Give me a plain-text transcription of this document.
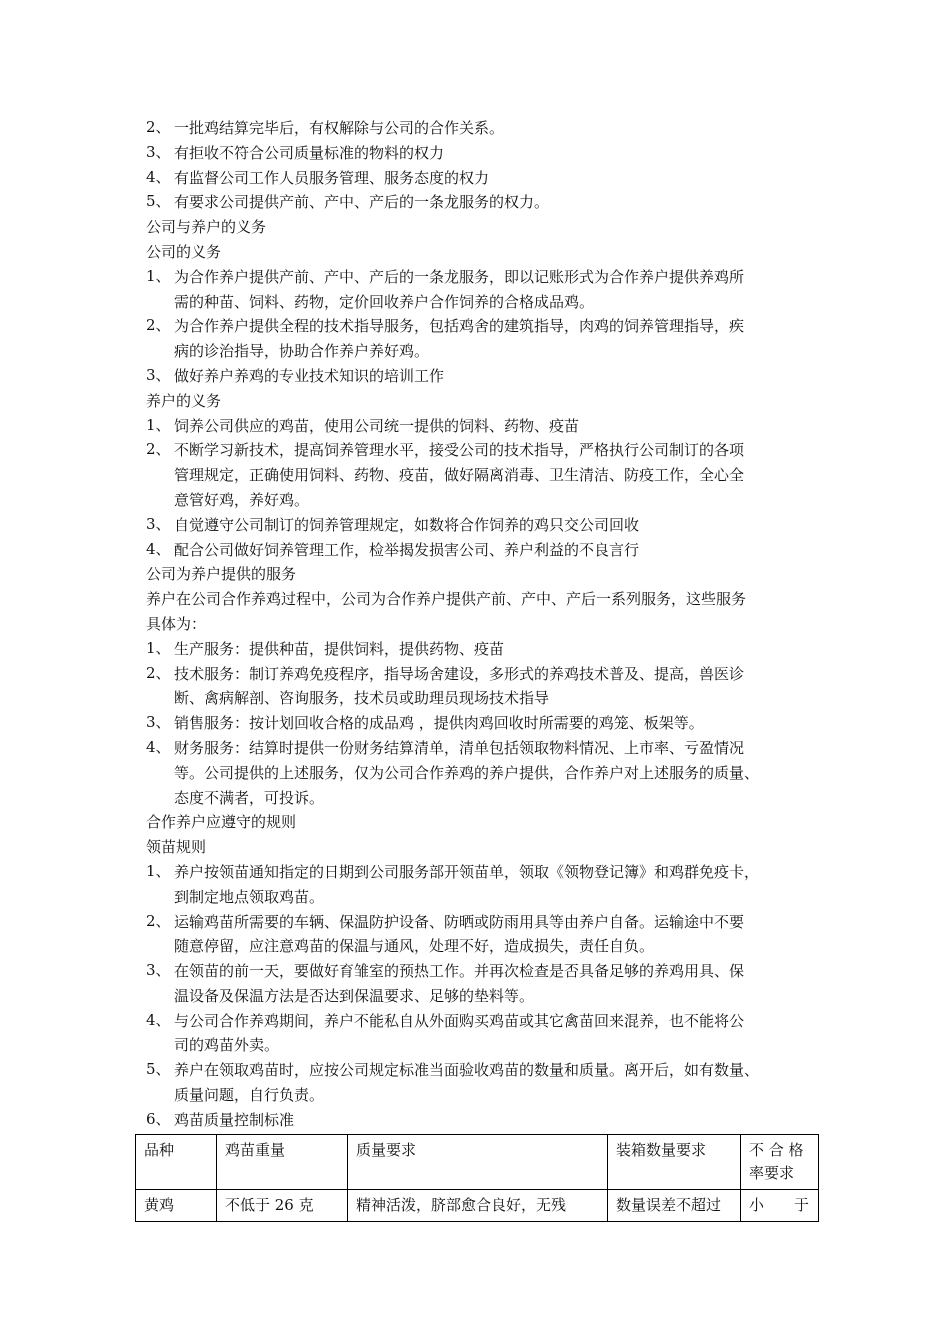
2、 一批鸡结算完毕后，有权解除与公司的合作关系。
3、 有拒收不符合公司质量标准的物料的权力
4、 有监督公司工作人员服务管理、服务态度的权力
5、 有要求公司提供产前、产中、产后的一条龙服务的权力。
公司与养户的义务
公司的义务
1、 为合作养户提供产前、产中、产后的一条龙服务，即以记账形式为合作养户提供养鸡所
需的种苗、饲料、药物，定价回收养户合作饲养的合格成品鸡。
2、 为合作养户提供全程的技术指导服务，包括鸡舍的建筑指导，肉鸡的饲养管理指导，疾
病的诊治指导，协助合作养户养好鸡。
3、 做好养户养鸡的专业技术知识的培训工作
养户的义务
1、 饲养公司供应的鸡苗，使用公司统一提供的饲料、药物、疫苗
2、 不断学习新技术，提高饲养管理水平，接受公司的技术指导，严格执行公司制订的各项
管理规定，正确使用饲料、药物、疫苗，做好隔离消毒、卫生清洁、防疫工作，全心全
意管好鸡，养好鸡。
3、 自觉遵守公司制订的饲养管理规定，如数将合作饲养的鸡只交公司回收
4、 配合公司做好饲养管理工作，检举揭发损害公司、养户利益的不良言行
公司为养户提供的服务
养户在公司合作养鸡过程中，公司为合作养户提供产前、产中、产后一系列服务，这些服务
具体为：
1、 生产服务：提供种苗，提供饲料，提供药物、疫苗
2、 技术服务：制订养鸡免疫程序，指导场舍建设，多形式的养鸡技术普及、提高，兽医诊
断、禽病解剖、咨询服务，技术员或助理员现场技术指导
3、 销售服务：按计划回收合格的成品鸡 ，提供肉鸡回收时所需要的鸡笼、板架等。
4、 财务服务：结算时提供一份财务结算清单，清单包括领取物料情况、上市率、亏盈情况
等。公司提供的上述服务，仅为公司合作养鸡的养户提供，合作养户对上述服务的质量、
态度不满者，可投诉。
合作养户应遵守的规则
领苗规则
1、 养户按领苗通知指定的日期到公司服务部开领苗单，领取《领物登记簿》和鸡群免疫卡，
到制定地点领取鸡苗。
2、 运输鸡苗所需要的车辆、保温防护设备、防晒或防雨用具等由养户自备。运输途中不要
随意停留，应注意鸡苗的保温与通风，处理不好，造成损失，责任自负。
3、 在领苗的前一天，要做好育雏室的预热工作。并再次检查是否具备足够的养鸡用具、保
温设备及保温方法是否达到保温要求、足够的垫料等。
4、 与公司合作养鸡期间，养户不能私自从外面购买鸡苗或其它禽苗回来混养，也不能将公
司的鸡苗外卖。
5、 养户在领取鸡苗时，应按公司规定标准当面验收鸡苗的数量和质量。离开后，如有数量、
质量问题，自行负责。
6、 鸡苗质量控制标准
品种	鸡苗重量	质量要求	装箱数量要求	不 合 格
率要求

黄鸡	不低于 26 克	精神活泼，脐部愈合良好，无残	数量误差不超过	小　　于
